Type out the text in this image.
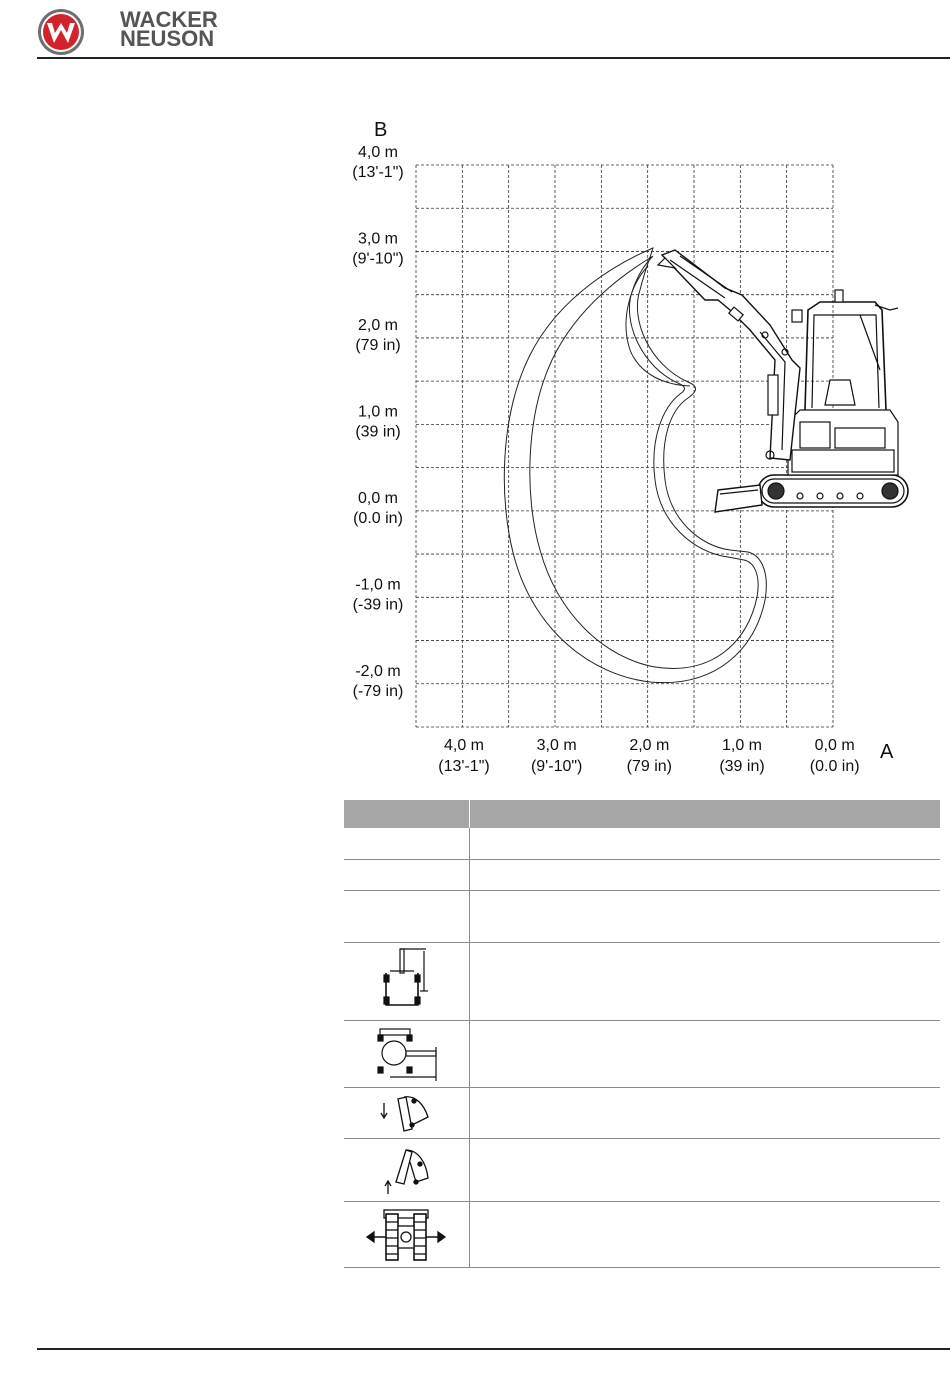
WACKER
NEUSON
4,0 m
(13'-1")
3,0 m
(9'-10")
2,0 m
(79 in)
1,0 m
(39 in)
0,0 m
(0.0 in)
-1,0 m
(-39 in)
-2,0 m
(-79 in)
4,0 m
(13'-1")
3,0 m
(9'-10")
2,0 m
(79 in)
1,0 m
(39 in)
0,0 m
(0.0 in)
B
A
